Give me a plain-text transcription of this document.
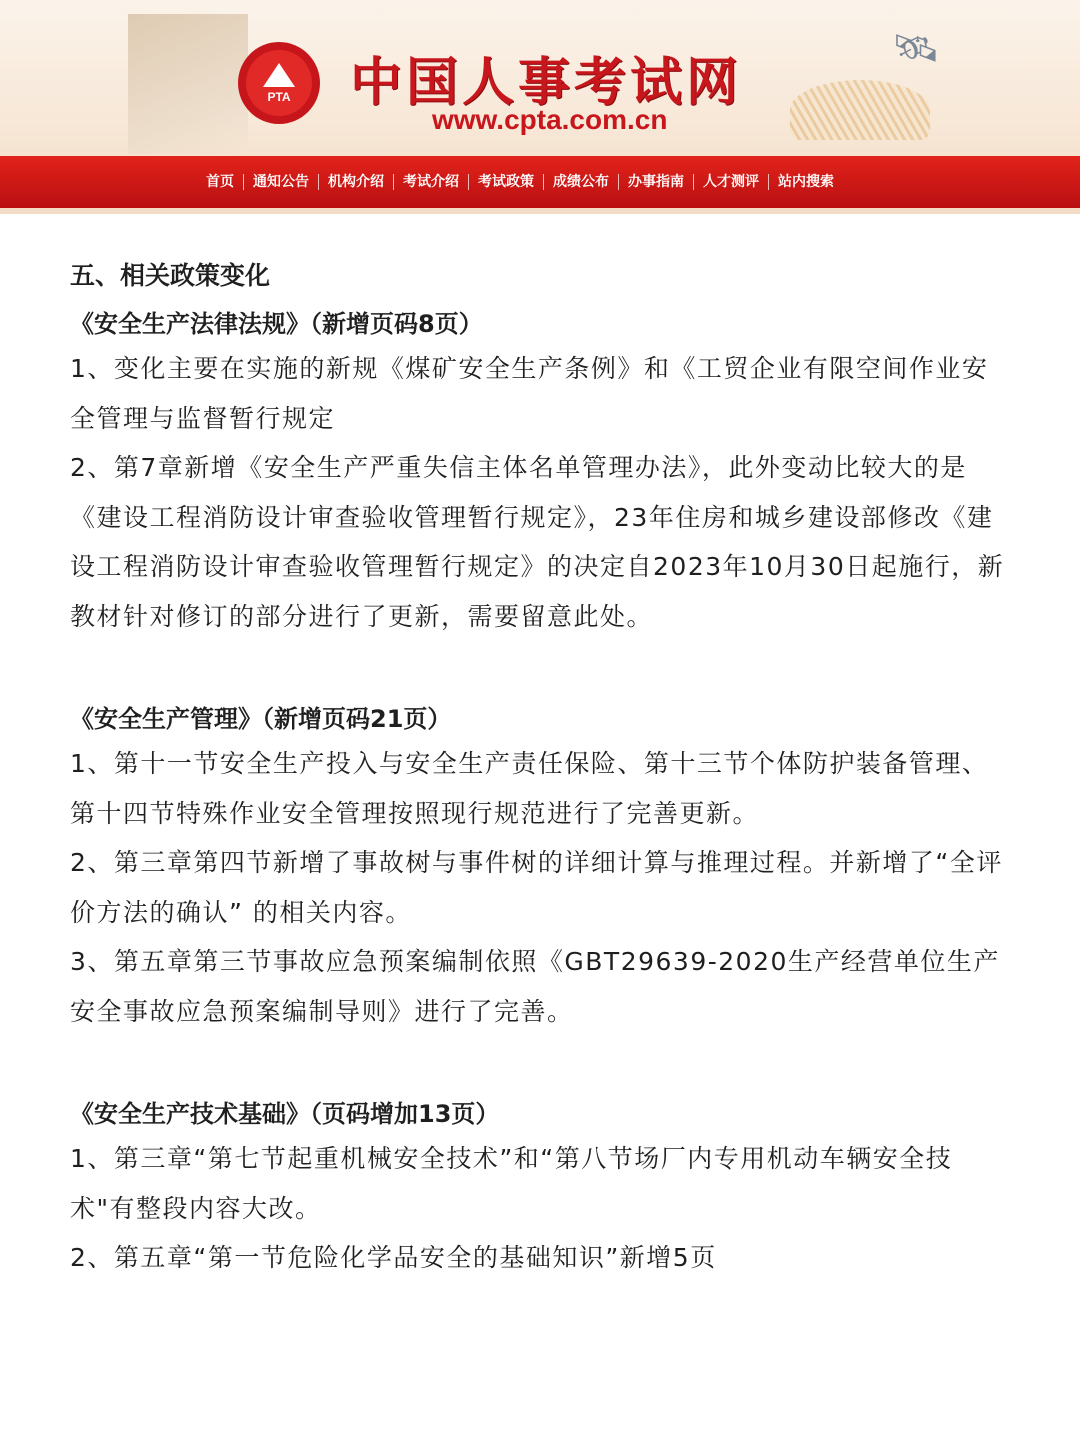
🛰
PTA 中国人事考试网
www.cpta.com.cn
首页	通知公告	机构介绍	考试介绍	考试政策	成绩公布	办事指南	人才测评	站内搜索

五、相关政策变化

《安全生产法律法规》（新增页码8页）

1、变化主要在实施的新规《煤矿安全生产条例》和《工贸企业有限空间作业安全管理与监督暂行规定

2、第7章新增《安全生产严重失信主体名单管理办法》，此外变动比较大的是《建设工程消防设计审查验收管理暂行规定》，23年住房和城乡建设部修改《建设工程消防设计审查验收管理暂行规定》的决定自2023年10月30日起施行，新教材针对修订的部分进行了更新，需要留意此处。

《安全生产管理》（新增页码21页）

1、第十一节安全生产投入与安全生产责任保险、第十三节个体防护装备管理、第十四节特殊作业安全管理按照现行规范进行了完善更新。

2、第三章第四节新增了事故树与事件树的详细计算与推理过程。并新增了“全评价方法的确认” 的相关内容。

3、第五章第三节事故应急预案编制依照《GBT29639-2020生产经营单位生产安全事故应急预案编制导则》进行了完善。

《安全生产技术基础》（页码增加13页）

1、第三章“第七节起重机械安全技术”和“第八节场厂内专用机动车辆安全技术"有整段内容大改。

2、第五章“第一节危险化学品安全的基础知识”新增5页
